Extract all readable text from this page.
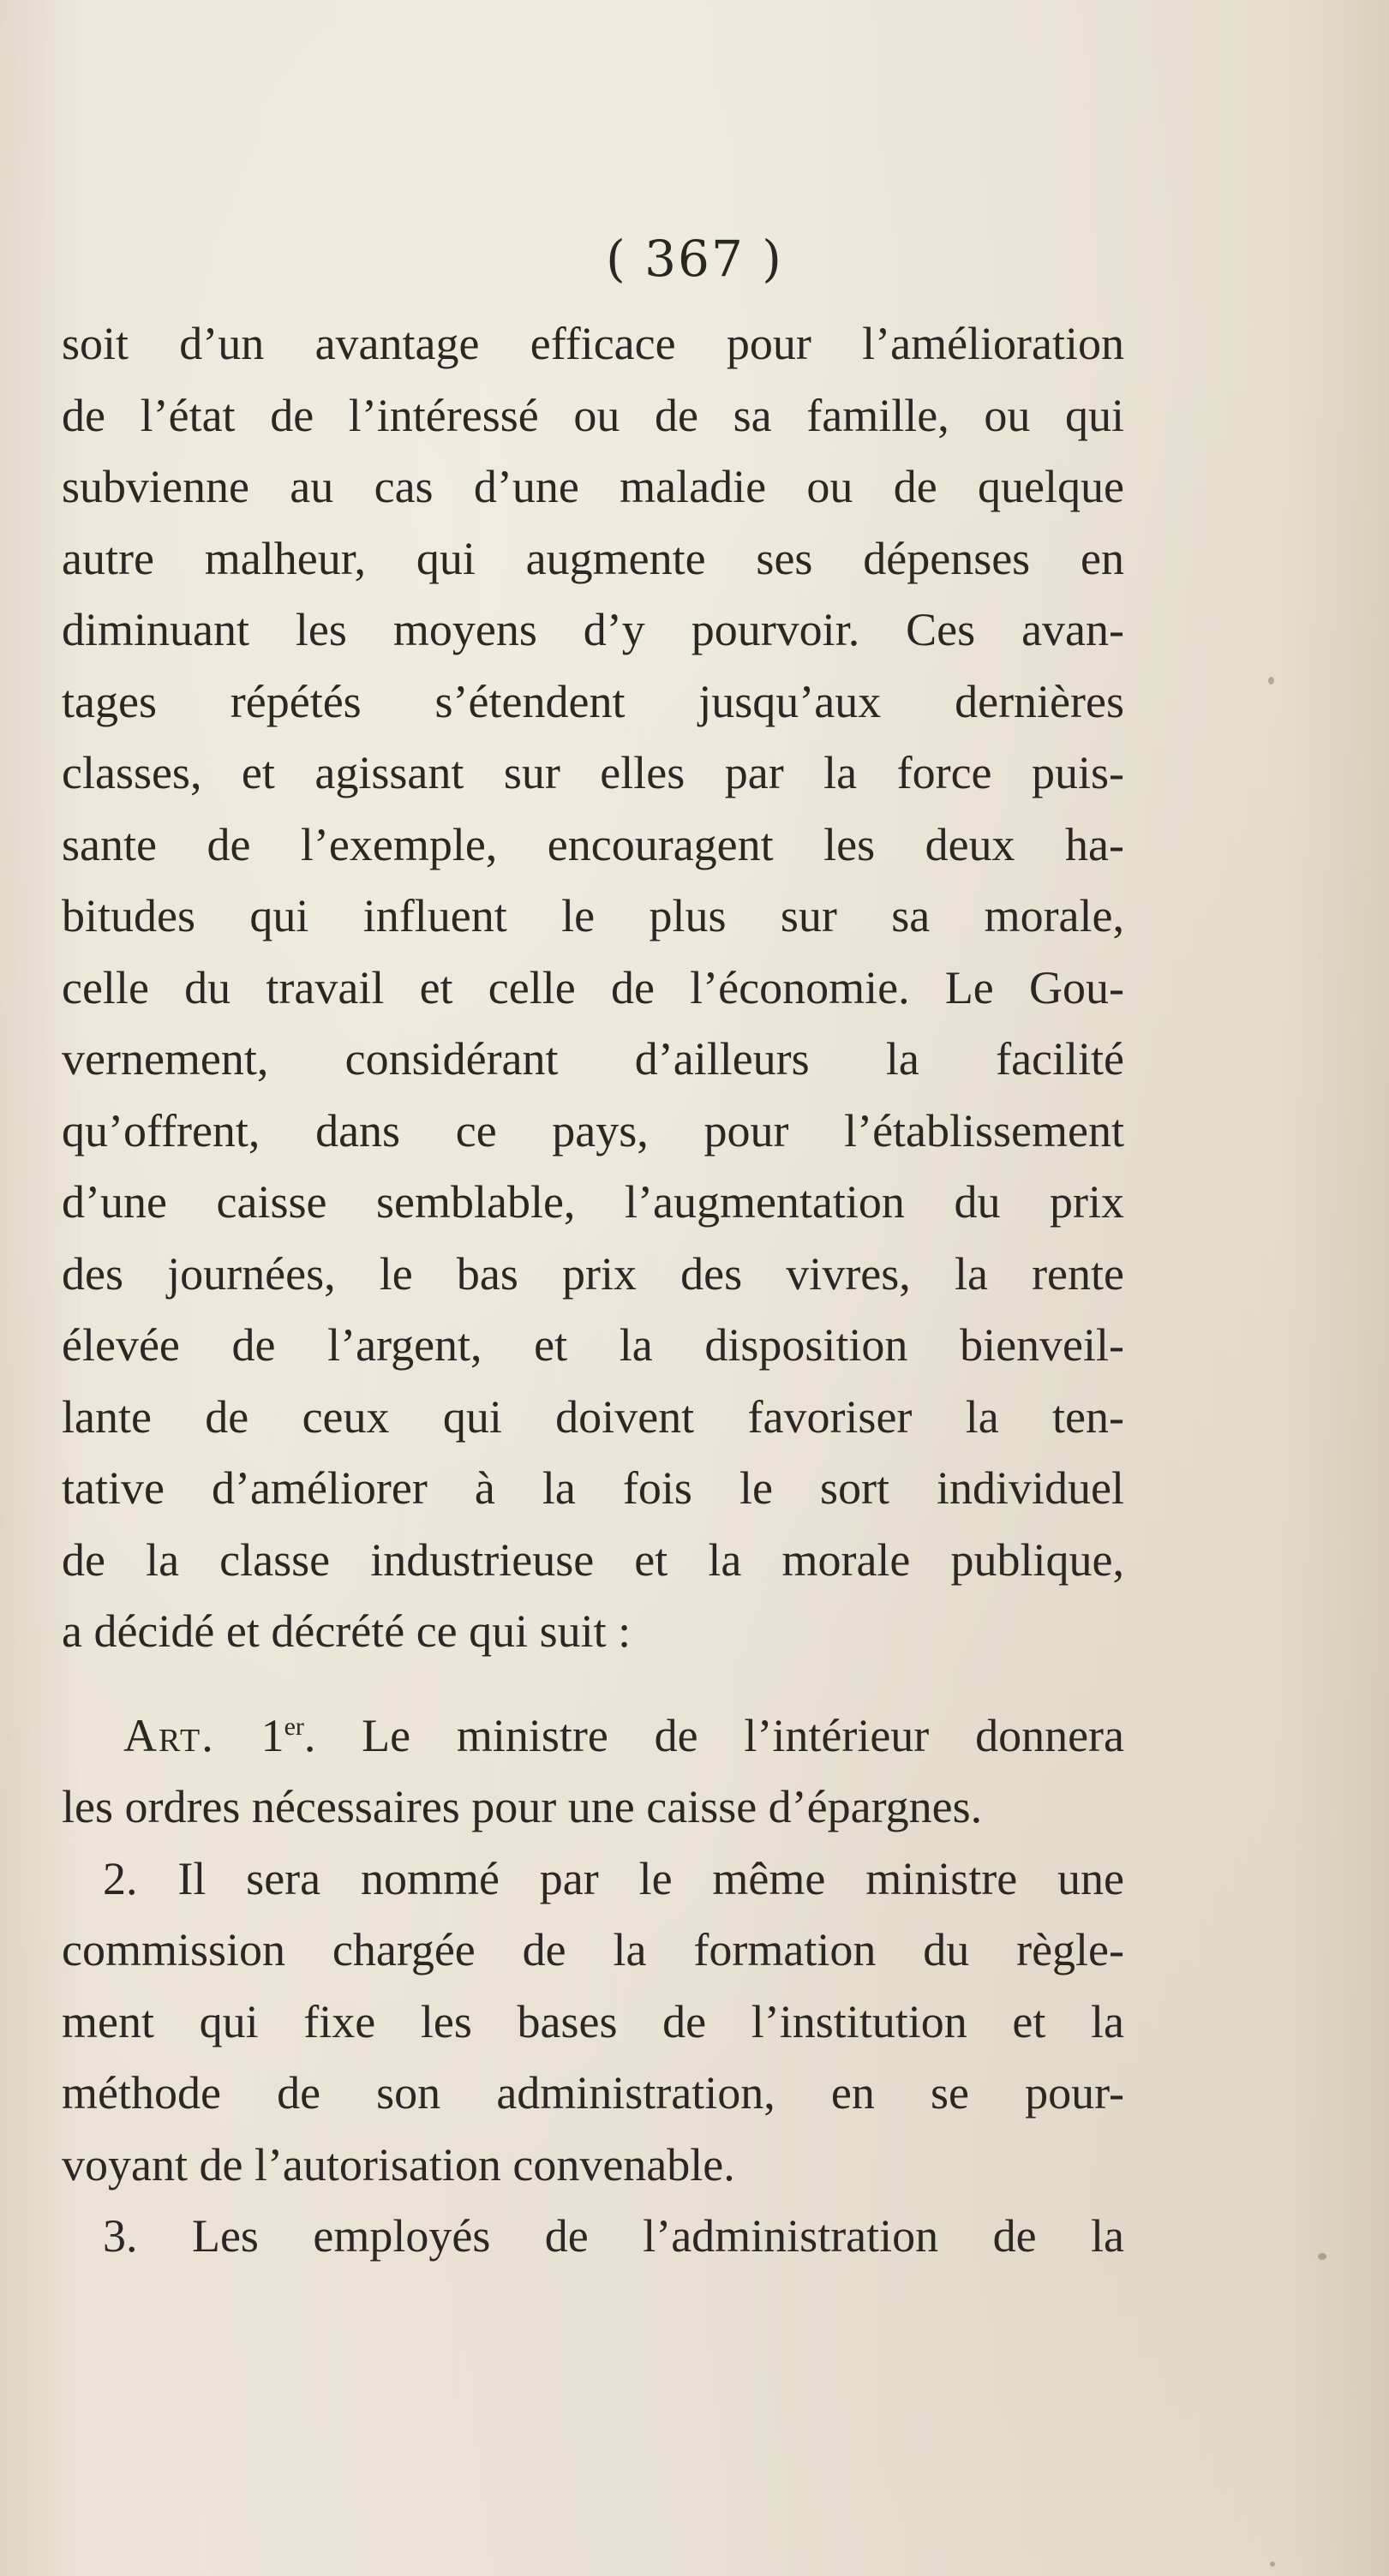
( 367 )
soit d’un avantage efficace pour l’amélioration
de l’état de l’intéressé ou de sa famille, ou qui
subvienne au cas d’une maladie ou de quelque
autre malheur, qui augmente ses dépenses en
diminuant les moyens d’y pourvoir. Ces avan-
tages répétés s’étendent jusqu’aux dernières
classes, et agissant sur elles par la force puis-
sante de l’exemple, encouragent les deux ha-
bitudes qui influent le plus sur sa morale,
celle du travail et celle de l’économie. Le Gou-
vernement, considérant d’ailleurs la facilité
qu’offrent, dans ce pays, pour l’établissement
d’une caisse semblable, l’augmentation du prix
des journées, le bas prix des vivres, la rente
élevée de l’argent, et la disposition bienveil-
lante de ceux qui doivent favoriser la ten-
tative d’améliorer à la fois le sort individuel
de la classe industrieuse et la morale publique,
a décidé et décrété ce qui suit :
Art. 1er. Le ministre de l’intérieur donnera
les ordres nécessaires pour une caisse d’épargnes.
2. Il sera nommé par le même ministre une
commission chargée de la formation du règle-
ment qui fixe les bases de l’institution et la
méthode de son administration, en se pour-
voyant de l’autorisation convenable.
3. Les employés de l’administration de la
